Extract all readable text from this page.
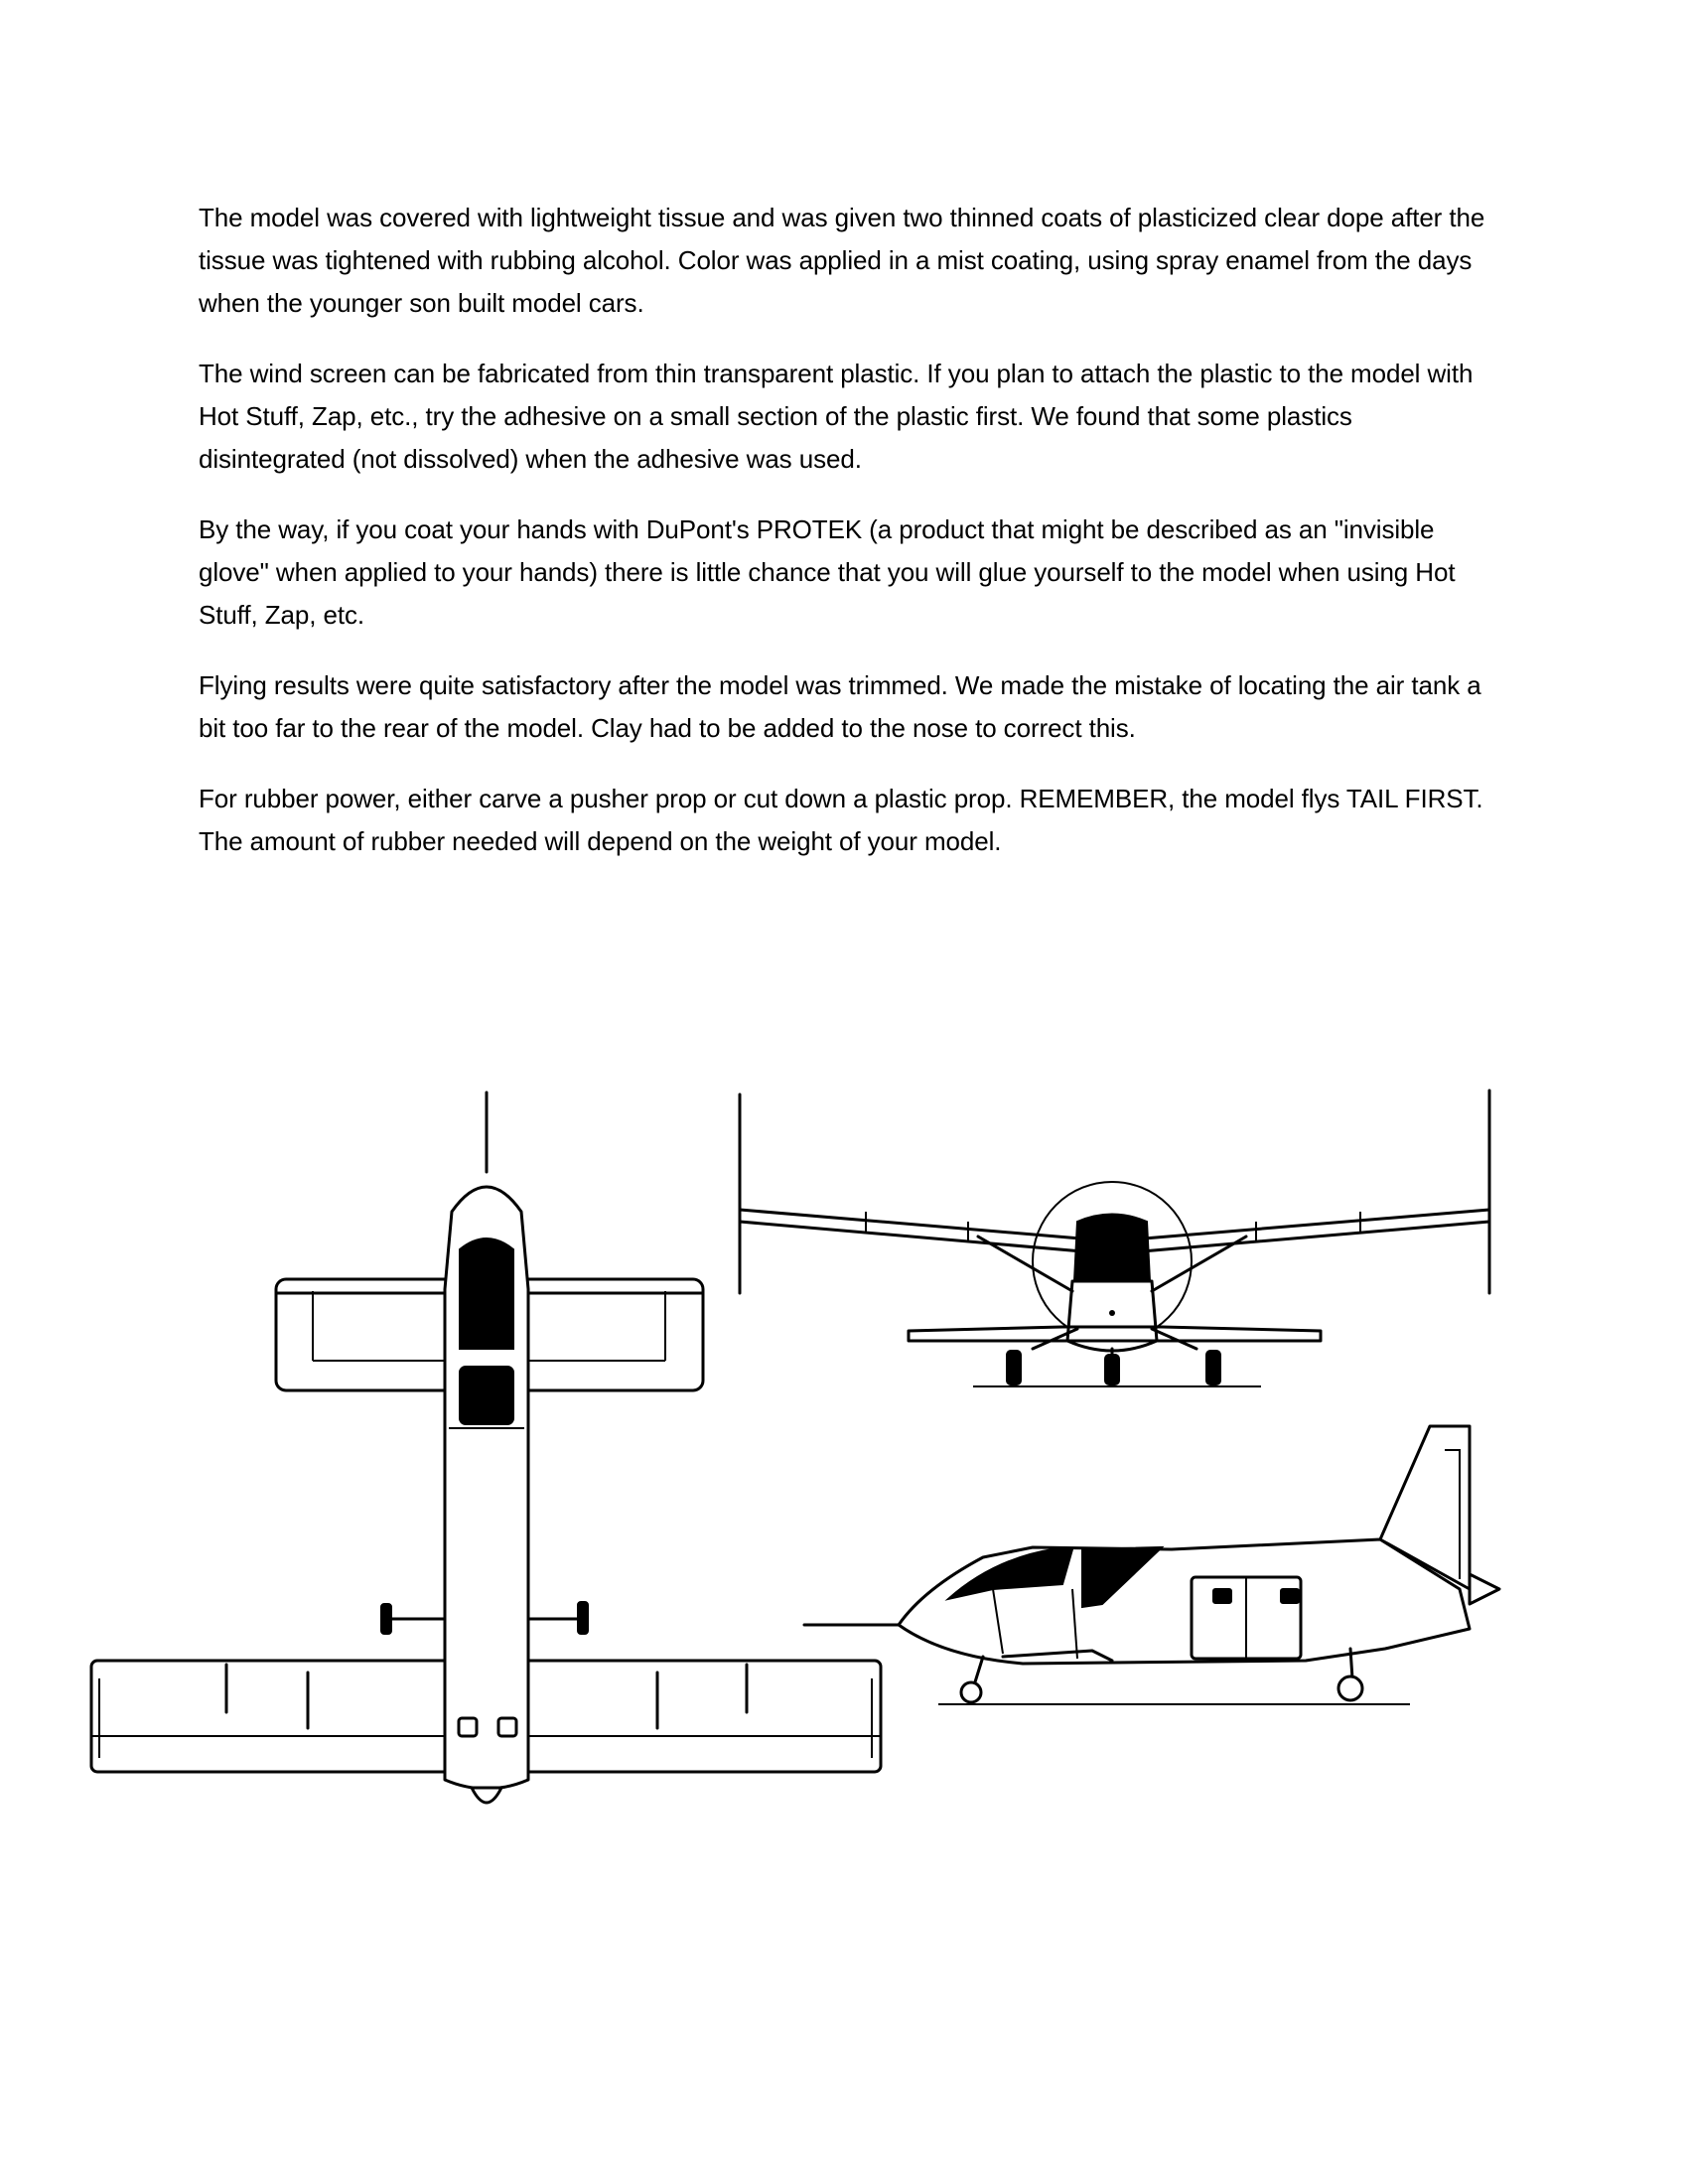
The model was covered with lightweight tissue and was given two thinned coats of plasticized clear dope after the tissue was tightened with rubbing alcohol. Color was applied in a mist coating, using spray enamel from the days when the younger son built model cars.

The wind screen can be fabricated from thin transparent plastic. If you plan to attach the plastic to the model with Hot Stuff, Zap, etc., try the adhesive on a small section of the plastic first. We found that some plastics disintegrated (not dissolved) when the adhesive was used.

By the way, if you coat your hands with DuPont's PROTEK (a product that might be described as an "invisible glove" when applied to your hands) there is little chance that you will glue yourself to the model when using Hot Stuff, Zap, etc.

Flying results were quite satisfactory after the model was trimmed. We made the mistake of locating the air tank a bit too far to the rear of the model. Clay had to be added to the nose to correct this.

For rubber power, either carve a pusher prop or cut down a plastic prop. REMEMBER, the model flys TAIL FIRST. The amount of rubber needed will depend on the weight of your model.
